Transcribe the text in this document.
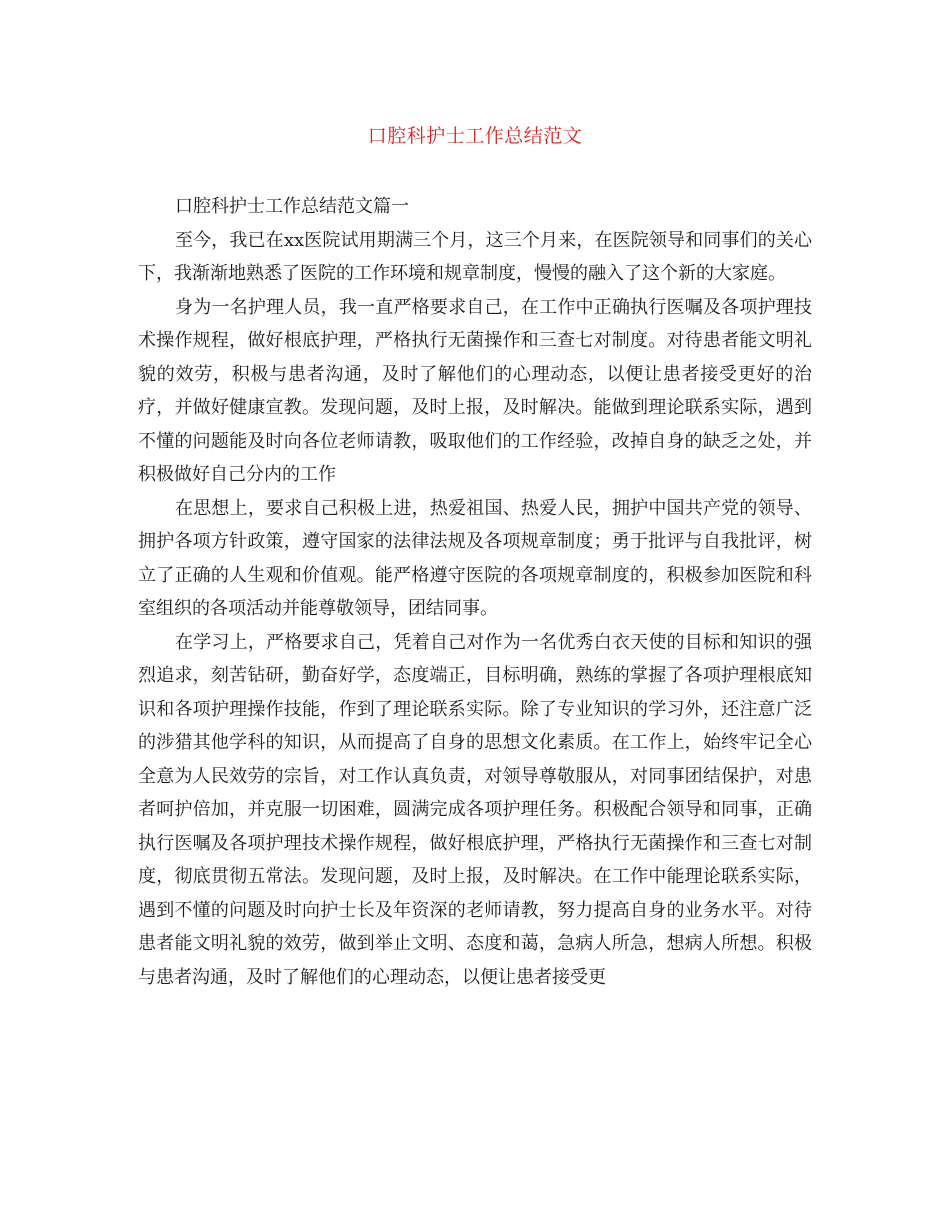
口腔科护士工作总结范文

口腔科护士工作总结范文篇一

至今，我已在xx医院试用期满三个月，这三个月来，在医院领导和同事们的关心下，我渐渐地熟悉了医院的工作环境和规章制度，慢慢的融入了这个新的大家庭。

身为一名护理人员，我一直严格要求自己，在工作中正确执行医嘱及各项护理技术操作规程，做好根底护理，严格执行无菌操作和三查七对制度。对待患者能文明礼貌的效劳，积极与患者沟通，及时了解他们的心理动态，以便让患者接受更好的治疗，并做好健康宣教。发现问题，及时上报，及时解决。能做到理论联系实际，遇到不懂的问题能及时向各位老师请教，吸取他们的工作经验，改掉自身的缺乏之处，并积极做好自己分内的工作

在思想上，要求自己积极上进，热爱祖国、热爱人民，拥护中国共产党的领导、拥护各项方针政策，遵守国家的法律法规及各项规章制度；勇于批评与自我批评，树立了正确的人生观和价值观。能严格遵守医院的各项规章制度的，积极参加医院和科室组织的各项活动并能尊敬领导，团结同事。

在学习上，严格要求自己，凭着自己对作为一名优秀白衣天使的目标和知识的强烈追求，刻苦钻研，勤奋好学，态度端正，目标明确，熟练的掌握了各项护理根底知识和各项护理操作技能，作到了理论联系实际。除了专业知识的学习外，还注意广泛的涉猎其他学科的知识，从而提高了自身的思想文化素质。在工作上，始终牢记全心全意为人民效劳的宗旨，对工作认真负责，对领导尊敬服从，对同事团结保护，对患者呵护倍加，并克服一切困难，圆满完成各项护理任务。积极配合领导和同事，正确执行医嘱及各项护理技术操作规程，做好根底护理，严格执行无菌操作和三查七对制度，彻底贯彻五常法。发现问题，及时上报，及时解决。在工作中能理论联系实际，遇到不懂的问题及时向护士长及年资深的老师请教，努力提高自身的业务水平。对待患者能文明礼貌的效劳，做到举止文明、态度和蔼，急病人所急，想病人所想。积极与患者沟通，及时了解他们的心理动态，以便让患者接受更
